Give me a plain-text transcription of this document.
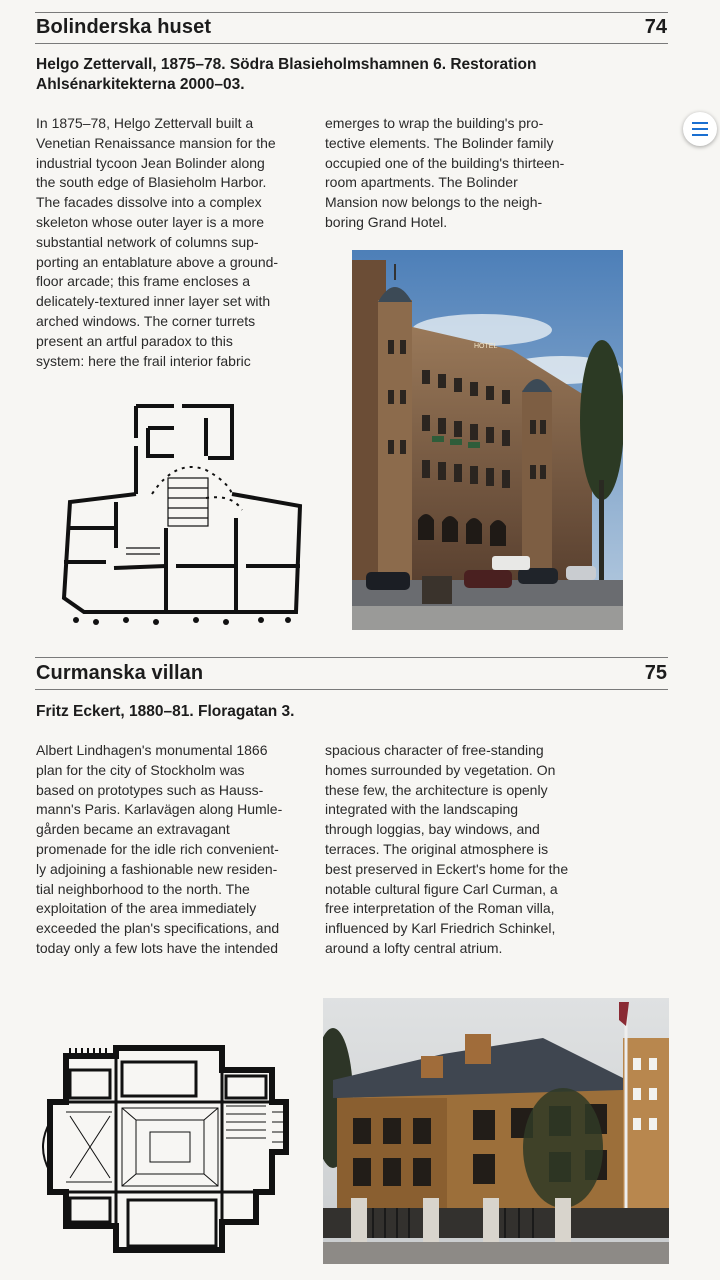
Bolinderska huset	74
Helgo Zettervall, 1875–78. Södra Blasieholmshamnen 6. Restoration
Ahlsénarkitekterna 2000–03.
In 1875–78, Helgo Zettervall built a
Venetian Renaissance mansion for the
industrial tycoon Jean Bolinder along
the south edge of Blasieholm Harbor.
The facades dissolve into a complex
skeleton whose outer layer is a more
substantial network of columns sup-
porting an entablature above a ground-
floor arcade; this frame encloses a
delicately-textured inner layer set with
arched windows. The corner turrets
present an artful paradox to this
system: here the frail interior fabric
emerges to wrap the building's pro-
tective elements. The Bolinder family
occupied one of the building's thirteen-
room apartments. The Bolinder
Mansion now belongs to the neigh-
boring Grand Hotel.
HOTEL
Curmanska villan	75
Fritz Eckert, 1880–81. Floragatan 3.
Albert Lindhagen's monumental 1866
plan for the city of Stockholm was
based on prototypes such as Hauss-
mann's Paris. Karlavägen along Humle-
gården became an extravagant
promenade for the idle rich convenient-
ly adjoining a fashionable new residen-
tial neighborhood to the north. The
exploitation of the area immediately
exceeded the plan's specifications, and
today only a few lots have the intended
spacious character of free-standing
homes surrounded by vegetation. On
these few, the architecture is openly
integrated with the landscaping
through loggias, bay windows, and
terraces. The original atmosphere is
best preserved in Eckert's home for the
notable cultural figure Carl Curman, a
free interpretation of the Roman villa,
influenced by Karl Friedrich Schinkel,
around a lofty central atrium.
